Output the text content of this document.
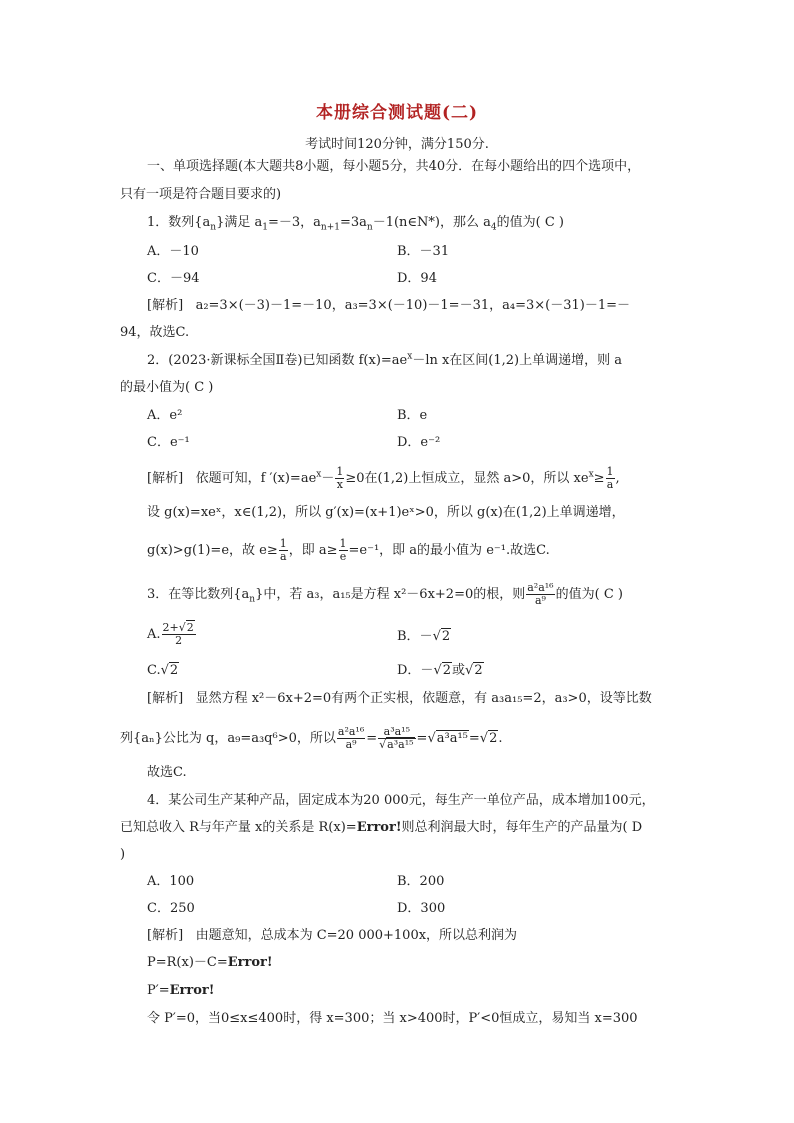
本册综合测试题(二)
考试时间120分钟，满分150分.
一、单项选择题(本大题共8小题，每小题5分，共40分．在每小题给出的四个选项中，
只有一项是符合题目要求的)
1．数列$\{a_n\}$满足 $a_1=-3$，$a_{n+1}=3a_n-1(n\in N*)$，那么 $a_4$的值为( C )
A．－10	B．－31
C．－94	D．94
[解析] a₂=3×(－3)－1=－10，a₃=3×(－10)－1=－31，a₄=3×(－31)－1=－
94，故选C.
2．(2023·新课标全国Ⅱ卷)已知函数 $f(x)=ae^x-\ln$ x在区间(1,2)上单调递增，则 a
的最小值为( C )
A．e²	B．e
C．e⁻¹	D．e⁻²
[解析] 依题可知，f $'(x)=ae^x- \frac{1}{x} \ge 0$在(1,2)上恒成立，显然 a>0，所以 $xe^x\ge \frac{1}{a}$ ,
设 g(x)=xeˣ，x∈(1,2)，所以 g′(x)=(x+1)eˣ>0，所以 g(x)在(1,2)上单调递增，
g(x)>g(1)=e，故 $e\ge \frac{1}{a}$ ，即 $a\ge \frac{1}{e} =e^{-1}$，即 a的最小值为 e⁻¹.故选C.
3．在等比数列$\{a_n\}$中，若 a₃，a₁₅是方程 x²－6x+2=0的根，则 $\frac{\text{a²a¹⁶}}{\text{a⁹}}$ 的值为( C )
A. $\frac{2+√2}{2}$	B．－√2
C.√2	D．－√2或√2
[解析] 显然方程 x²－6x+2=0有两个正实根，依题意，有 a₃a₁₅=2，a₃>0，设等比数
列{aₙ}公比为 q，a₉=a₃q⁶>0，所以 $\frac{\text{a²a¹⁶}}{\text{a⁹}} = \frac{\text{a³a¹⁵}}{\text{√a³a¹⁵}} =√a^3a^{15}=√2$.
故选C.
4．某公司生产某种产品，固定成本为20 000元，每生产一单位产品，成本增加100元，
已知总收入 R与年产量 x的关系是 R(x)=Error!则总利润最大时，每年生产的产品量为( D
)
A．100	B．200
C．250	D．300
[解析] 由题意知，总成本为 C=20 000+100x，所以总利润为
P=R(x)－C=Error!
P′=Error!
令 P′=0，当0≤x≤400时，得 x=300；当 x>400时，P′<0恒成立，易知当 x=300
